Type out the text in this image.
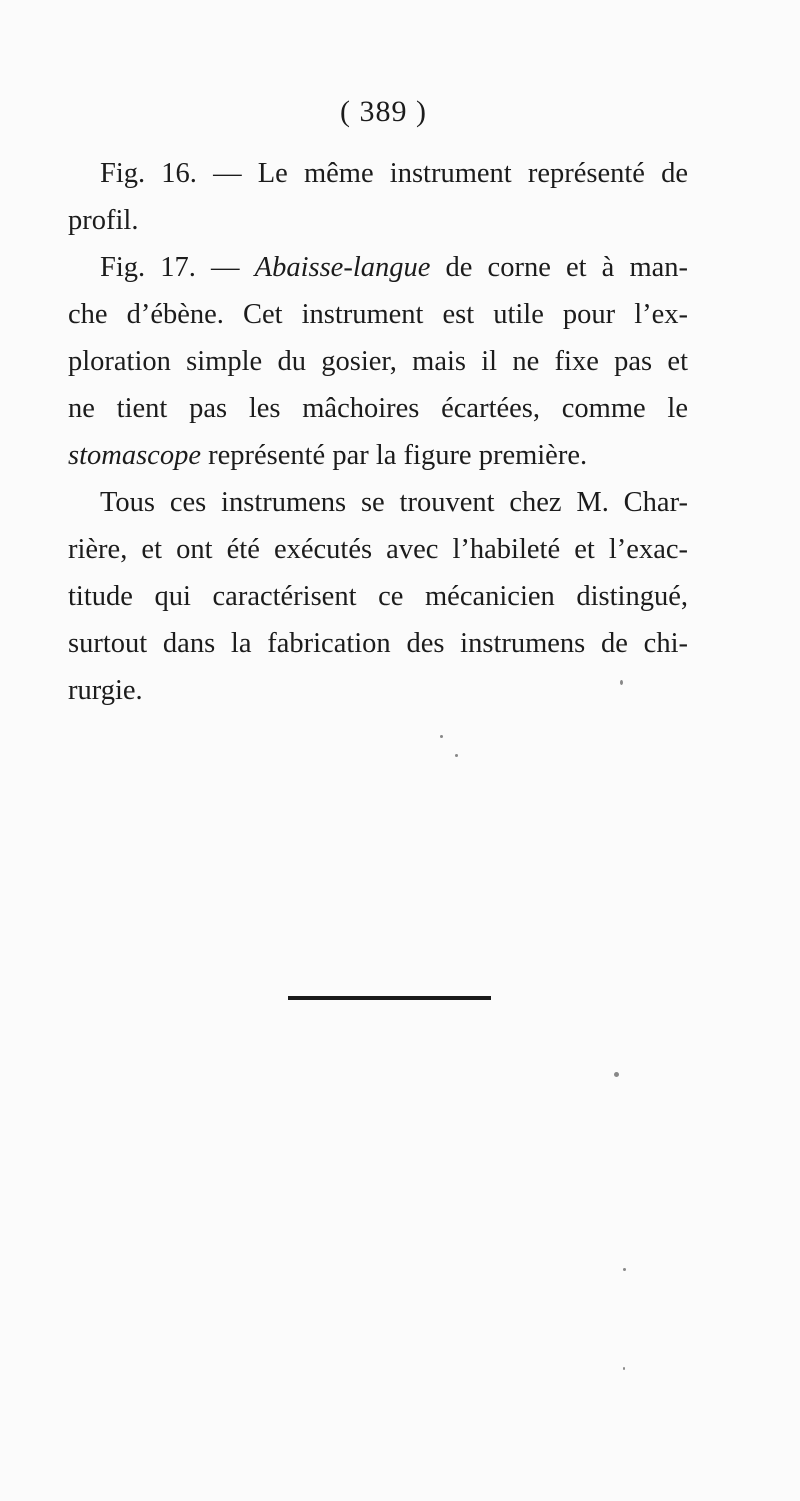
( 389 )
Fig. 16. — Le même instrument représenté de
profil.
Fig. 17. — Abaisse-langue de corne et à man-
che d’ébène. Cet instrument est utile pour l’ex-
ploration simple du gosier, mais il ne fixe pas et
ne tient pas les mâchoires écartées, comme le
stomascope représenté par la figure première.
Tous ces instrumens se trouvent chez M. Char-
rière, et ont été exécutés avec l’habileté et l’exac-
titude qui caractérisent ce mécanicien distingué,
surtout dans la fabrication des instrumens de chi-
rurgie.
